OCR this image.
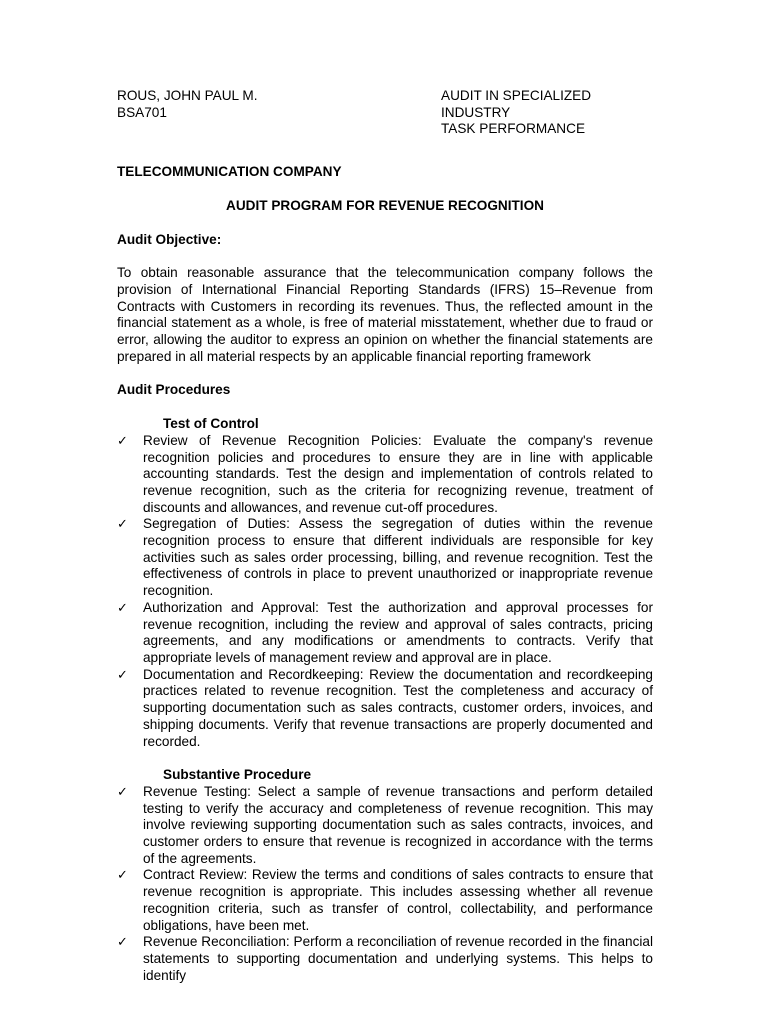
ROUS, JOHN PAUL M.
BSA701
AUDIT IN SPECIALIZED INDUSTRY
TASK PERFORMANCE
TELECOMMUNICATION COMPANY
AUDIT PROGRAM FOR REVENUE RECOGNITION
Audit Objective:
To obtain reasonable assurance that the telecommunication company follows the provision of International Financial Reporting Standards (IFRS) 15–Revenue from Contracts with Customers in recording its revenues. Thus, the reflected amount in the financial statement as a whole, is free of material misstatement, whether due to fraud or error, allowing the auditor to express an opinion on whether the financial statements are prepared in all material respects by an applicable financial reporting framework
Audit Procedures
Test of Control
✓ Review of Revenue Recognition Policies: Evaluate the company's revenue recognition policies and procedures to ensure they are in line with applicable accounting standards. Test the design and implementation of controls related to revenue recognition, such as the criteria for recognizing revenue, treatment of discounts and allowances, and revenue cut-off procedures.
✓ Segregation of Duties: Assess the segregation of duties within the revenue recognition process to ensure that different individuals are responsible for key activities such as sales order processing, billing, and revenue recognition. Test the effectiveness of controls in place to prevent unauthorized or inappropriate revenue recognition.
✓ Authorization and Approval: Test the authorization and approval processes for revenue recognition, including the review and approval of sales contracts, pricing agreements, and any modifications or amendments to contracts. Verify that appropriate levels of management review and approval are in place.
✓ Documentation and Recordkeeping: Review the documentation and recordkeeping practices related to revenue recognition. Test the completeness and accuracy of supporting documentation such as sales contracts, customer orders, invoices, and shipping documents. Verify that revenue transactions are properly documented and recorded.
Substantive Procedure
✓ Revenue Testing: Select a sample of revenue transactions and perform detailed testing to verify the accuracy and completeness of revenue recognition. This may involve reviewing supporting documentation such as sales contracts, invoices, and customer orders to ensure that revenue is recognized in accordance with the terms of the agreements.
✓ Contract Review: Review the terms and conditions of sales contracts to ensure that revenue recognition is appropriate. This includes assessing whether all revenue recognition criteria, such as transfer of control, collectability, and performance obligations, have been met.
✓ Revenue Reconciliation: Perform a reconciliation of revenue recorded in the financial statements to supporting documentation and underlying systems. This helps to identify
